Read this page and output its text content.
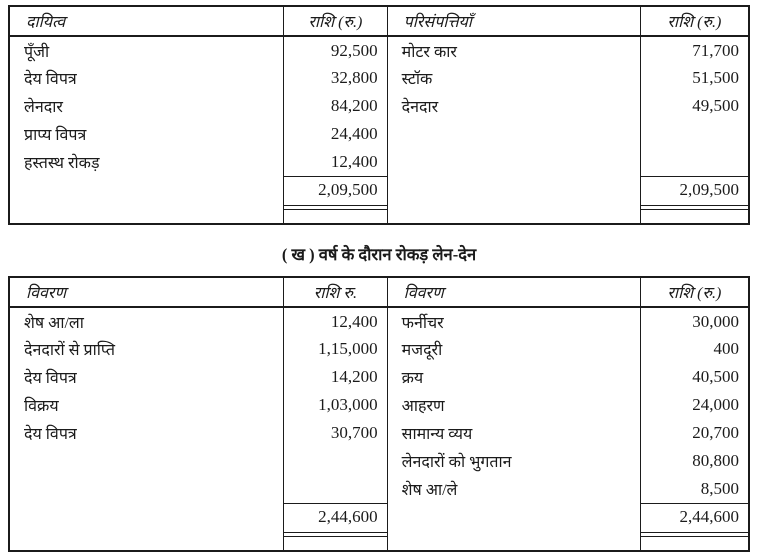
दायित्व	राशि (रु.)	परिसंपत्तियाँ	राशि (रु.)
पूँजी	92,500	मोटर कार	71,700
देय विपत्र	32,800	स्टॉक	51,500
लेनदार	84,200	देनदार	49,500
प्राप्य विपत्र	24,400		
हस्तस्थ रोकड़	12,400		
	2,09,500		2,09,500

( ख ) वर्ष के दौरान रोकड़ लेन-देन
विवरण	राशि रु.	विवरण	राशि (रु.)
शेष आ/ला	12,400	फर्नीचर	30,000
देनदारों से प्राप्ति	1,15,000	मजदूरी	400
देय विपत्र	14,200	क्रय	40,500
विक्रय	1,03,000	आहरण	24,000
देय विपत्र	30,700	सामान्य व्यय	20,700
		लेनदारों को भुगतान	80,800
		शेष आ/ले	8,500
	2,44,600		2,44,600
